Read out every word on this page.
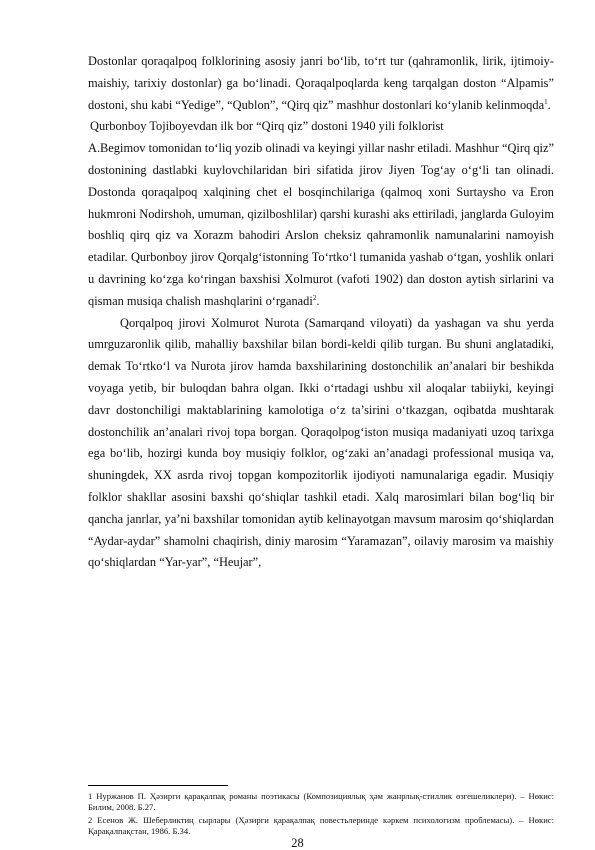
Dostonlar qoraqalpoq folklorining asosiy janri bo‘lib, to‘rt tur (qahramonlik, lirik, ijtimoiy-maishiy, tarixiy dostonlar) ga bo‘linadi. Qoraqalpoqlarda keng tarqalgan doston “Alpamis” dostoni, shu kabi “Yedige”, “Qublon”, “Qirq qiz” mashhur dostonlari ko‘ylanib kelinmoqda$^1$.

Qurbonboy Tojiboyevdan ilk bor “Qirq qiz” dostoni 1940 yili folklorist

A.Begimov tomonidan to‘liq yozib olinadi va keyingi yillar nashr etiladi. Mashhur “Qirq qiz” dostonining dastlabki kuylovchilaridan biri sifatida jirov Jiyen Tog‘ay o‘g‘li tan olinadi. Dostonda qoraqalpoq xalqining chet el bosqinchilariga (qalmoq xoni Surtaysho va Eron hukmroni Nodirshoh, umuman, qizilboshlilar) qarshi kurashi aks ettiriladi, janglarda Guloyim boshliq qirq qiz va Xorazm bahodiri Arslon cheksiz qahramonlik namunalarini namoyish etadilar. Qurbonboy jirov Qorqalg‘istonning To‘rtko‘l tumanida yashab o‘tgan, yoshlik onlari u davrining ko‘zga ko‘ringan baxshisi Xolmurot (vafoti 1902) dan doston aytish sirlarini va qisman musiqa chalish mashqlarini o‘rganadi$^2$.

Qorqalpoq jirovi Xolmurot Nurota (Samarqand viloyati) da yashagan va shu yerda umrguzaronlik qilib, mahalliy baxshilar bilan bordi-keldi qilib turgan. Bu shuni anglatadiki, demak To‘rtko‘l va Nurota jirov hamda baxshilarining dostonchilik an’analari bir beshikda voyaga yetib, bir buloqdan bahra olgan. Ikki o‘rtadagi ushbu xil aloqalar tabiiyki, keyingi davr dostonchiligi maktablarining kamolotiga o‘z ta’sirini o‘tkazgan, oqibatda mushtarak dostonchilik an’analari rivoj topa borgan. Qoraqolpog‘iston musiqa madaniyati uzoq tarixga ega bo‘lib, hozirgi kunda boy musiqiy folklor, og‘zaki an’anadagi professional musiqa va, shuningdek, XX asrda rivoj topgan kompozitorlik ijodiyoti namunalariga egadir. Musiqiy folklor shakllar asosini baxshi qo‘shiqlar tashkil etadi. Xalq marosimlari bilan bog‘liq bir qancha janrlar, ya’ni baxshilar tomonidan aytib kelinayotgan mavsum marosim qo‘shiqlardan “Aydar-aydar” shamolni chaqirish, diniy marosim “Yaramazan”, oilaviy marosim va maishiy qo‘shiqlardan “Yar-yar”, “Heujar”,

1 Нуржанов П. Ҳәзирги қарақалпақ романы поэтикасы (Композициялық ҳәм жанрлық-стиллик өзгешеликлери). – Нөкис: Билим, 2008. Б.27.

2 Есенов Ж. Шеберликтиң сырлары (Ҳәзирги қарақалпақ повестьлеринде кәркем психологизм проблемасы). – Нөкис: Қарақалпақстан, 1986. Б.34.

28
